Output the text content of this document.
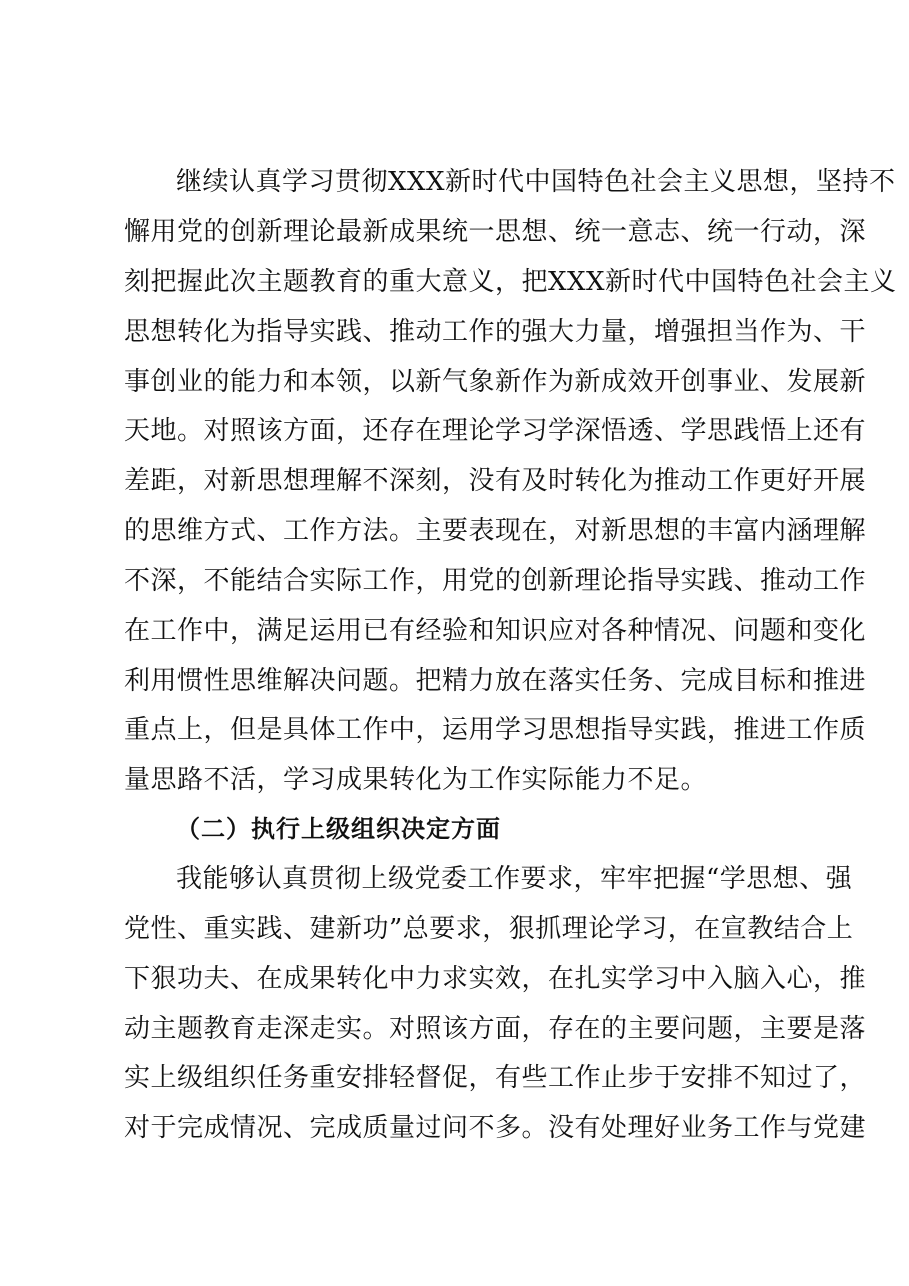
继续认真学习贯彻XXX新时代中国特色社会主义思想，坚持不
懈用党的创新理论最新成果统一思想、统一意志、统一行动，深
刻把握此次主题教育的重大意义，把XXX新时代中国特色社会主义
思想转化为指导实践、推动工作的强大力量，增强担当作为、干
事创业的能力和本领，以新气象新作为新成效开创事业、发展新
天地。对照该方面，还存在理论学习学深悟透、学思践悟上还有
差距，对新思想理解不深刻，没有及时转化为推动工作更好开展
的思维方式、工作方法。主要表现在，对新思想的丰富内涵理解
不深，不能结合实际工作，用党的创新理论指导实践、推动工作
在工作中，满足运用已有经验和知识应对各种情况、问题和变化
利用惯性思维解决问题。把精力放在落实任务、完成目标和推进
重点上，但是具体工作中，运用学习思想指导实践，推进工作质
量思路不活，学习成果转化为工作实际能力不足。
（二）执行上级组织决定方面
我能够认真贯彻上级党委工作要求，牢牢把握“学思想、强
党性、重实践、建新功”总要求，狠抓理论学习，在宣教结合上
下狠功夫、在成果转化中力求实效，在扎实学习中入脑入心，推
动主题教育走深走实。对照该方面，存在的主要问题，主要是落
实上级组织任务重安排轻督促，有些工作止步于安排不知过了，
对于完成情况、完成质量过问不多。没有处理好业务工作与党建
